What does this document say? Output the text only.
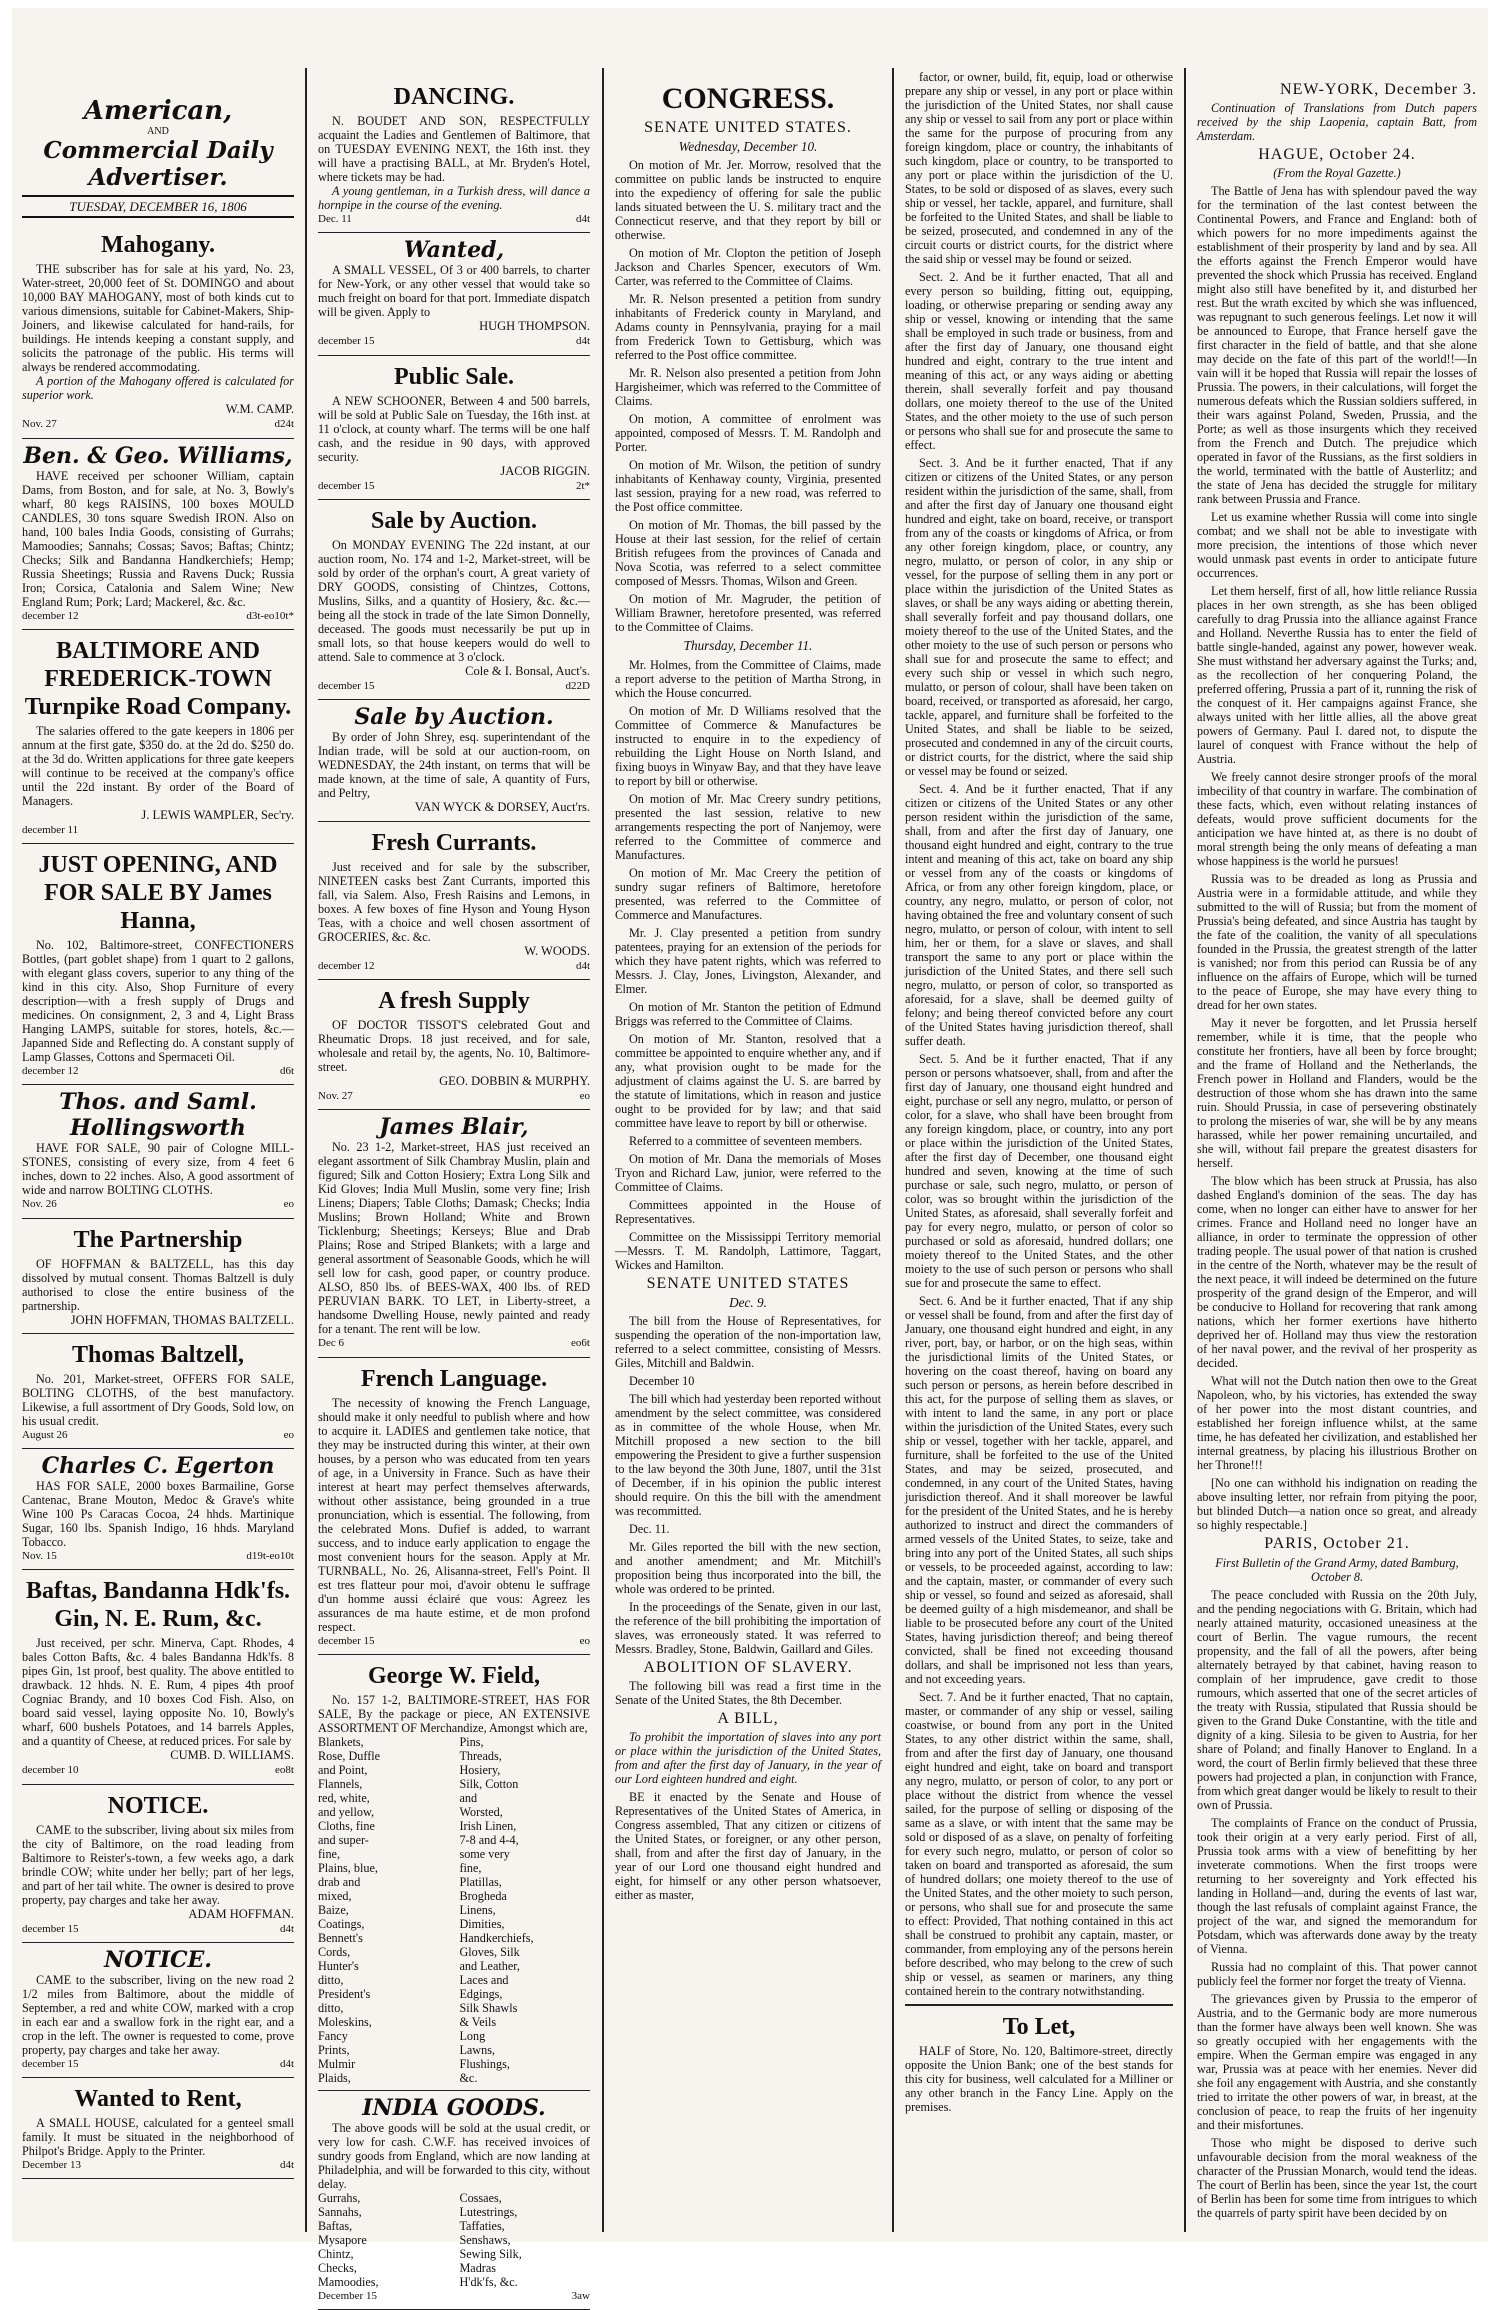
American,
AND
Commercial Daily Advertiser.
TUESDAY, DECEMBER 16, 1806
Mahogany.
THE subscriber has for sale at his yard, No. 23, Water-street, 20,000 feet of St. DOMINGO and about 10,000 BAY MAHOGANY, most of both kinds cut to various dimensions, suitable for Cabinet-Makers, Ship-Joiners, and likewise calculated for hand-rails, for buildings. He intends keeping a constant supply, and solicits the patronage of the public. His terms will always be rendered accommodating.
A portion of the Mahogany offered is calculated for superior work.
W.M. CAMP.
Nov. 27	d24t
Ben. & Geo. Williams,
HAVE received per schooner William, captain Dams, from Boston, and for sale, at No. 3, Bowly's wharf, 80 kegs RAISINS, 100 boxes MOULD CANDLES, 30 tons square Swedish IRON. Also on hand, 100 bales India Goods, consisting of Gurrahs; Mamoodies; Sannahs; Cossas; Savos; Baftas; Chintz; Checks; Silk and Bandanna Handkerchiefs; Hemp; Russia Sheetings; Russia and Ravens Duck; Russia Iron; Corsica, Catalonia and Salem Wine; New England Rum; Pork; Lard; Mackerel, &c. &c.
december 12	d3t-eo10t*
BALTIMORE AND FREDERICK-TOWN Turnpike Road Company.
The salaries offered to the gate keepers in 1806 per annum at the first gate, $350 do. at the 2d do. $250 do. at the 3d do. Written applications for three gate keepers will continue to be received at the company's office until the 22d instant. By order of the Board of Managers.
J. LEWIS WAMPLER, Sec'ry.
december 11
JUST OPENING, AND FOR SALE BY James Hanna,
No. 102, Baltimore-street, CONFECTIONERS Bottles, (part goblet shape) from 1 quart to 2 gallons, with elegant glass covers, superior to any thing of the kind in this city. Also, Shop Furniture of every description—with a fresh supply of Drugs and medicines. On consignment, 2, 3 and 4, Light Brass Hanging LAMPS, suitable for stores, hotels, &c.—Japanned Side and Reflecting do. A constant supply of Lamp Glasses, Cottons and Spermaceti Oil.
december 12	d6t
Thos. and Saml. Hollingsworth
HAVE FOR SALE, 90 pair of Cologne MILL-STONES, consisting of every size, from 4 feet 6 inches, down to 22 inches. Also, A good assortment of wide and narrow BOLTING CLOTHS.
Nov. 26	eo
The Partnership
OF HOFFMAN & BALTZELL, has this day dissolved by mutual consent. Thomas Baltzell is duly authorised to close the entire business of the partnership.
JOHN HOFFMAN, THOMAS BALTZELL.
Thomas Baltzell,
No. 201, Market-street, OFFERS FOR SALE, BOLTING CLOTHS, of the best manufactory. Likewise, a full assortment of Dry Goods, Sold low, on his usual credit.
August 26	eo
Charles C. Egerton
HAS FOR SALE, 2000 boxes Barmailine, Gorse Cantenac, Brane Mouton, Medoc & Grave's white Wine 100 Ps Caracas Cocoa, 24 hhds. Martinique Sugar, 160 lbs. Spanish Indigo, 16 hhds. Maryland Tobacco.
Nov. 15	d19t-eo10t
Baftas, Bandanna Hdk'fs. Gin, N. E. Rum, &c.
Just received, per schr. Minerva, Capt. Rhodes, 4 bales Cotton Bafts, &c. 4 bales Bandanna Hdk'fs. 8 pipes Gin, 1st proof, best quality. The above entitled to drawback. 12 hhds. N. E. Rum, 4 pipes 4th proof Cogniac Brandy, and 10 boxes Cod Fish. Also, on board said vessel, laying opposite No. 10, Bowly's wharf, 600 bushels Potatoes, and 14 barrels Apples, and a quantity of Cheese, at reduced prices. For sale by
CUMB. D. WILLIAMS.
december 10	eo8t
NOTICE.
CAME to the subscriber, living about six miles from the city of Baltimore, on the road leading from Baltimore to Reister's-town, a few weeks ago, a dark brindle COW; white under her belly; part of her legs, and part of her tail white. The owner is desired to prove property, pay charges and take her away.
ADAM HOFFMAN.
december 15	d4t
NOTICE.
CAME to the subscriber, living on the new road 2 1/2 miles from Baltimore, about the middle of September, a red and white COW, marked with a crop in each ear and a swallow fork in the right ear, and a crop in the left. The owner is requested to come, prove property, pay charges and take her away.
december 15	d4t
Wanted to Rent,
A SMALL HOUSE, calculated for a genteel small family. It must be situated in the neighborhood of Philpot's Bridge. Apply to the Printer.
December 13	d4t
DANCING.
N. BOUDET AND SON, RESPECTFULLY acquaint the Ladies and Gentlemen of Baltimore, that on TUESDAY EVENING NEXT, the 16th inst. they will have a practising BALL, at Mr. Bryden's Hotel, where tickets may be had.
A young gentleman, in a Turkish dress, will dance a hornpipe in the course of the evening.
Dec. 11	d4t
Wanted,
A SMALL VESSEL, Of 3 or 400 barrels, to charter for New-York, or any other vessel that would take so much freight on board for that port. Immediate dispatch will be given. Apply to
HUGH THOMPSON.
december 15	d4t
Public Sale.
A NEW SCHOONER, Between 4 and 500 barrels, will be sold at Public Sale on Tuesday, the 16th inst. at 11 o'clock, at county wharf. The terms will be one half cash, and the residue in 90 days, with approved security.
JACOB RIGGIN.
december 15	2t*
Sale by Auction.
On MONDAY EVENING The 22d instant, at our auction room, No. 174 and 1-2, Market-street, will be sold by order of the orphan's court, A great variety of DRY GOODS, consisting of Chintzes, Cottons, Muslins, Silks, and a quantity of Hosiery, &c. &c.—being all the stock in trade of the late Simon Donnelly, deceased. The goods must necessarily be put up in small lots, so that house keepers would do well to attend. Sale to commence at 3 o'clock.
Cole & I. Bonsal, Auct's.
december 15	d22D
Sale by Auction.
By order of John Shrey, esq. superintendant of the Indian trade, will be sold at our auction-room, on WEDNESDAY, the 24th instant, on terms that will be made known, at the time of sale, A quantity of Furs, and Peltry,
VAN WYCK & DORSEY, Auct'rs.
Fresh Currants.
Just received and for sale by the subscriber, NINETEEN casks best Zant Currants, imported this fall, via Salem. Also, Fresh Raisins and Lemons, in boxes. A few boxes of fine Hyson and Young Hyson Teas, with a choice and well chosen assortment of GROCERIES, &c. &c.
W. WOODS.
december 12	d4t
A fresh Supply
OF DOCTOR TISSOT'S celebrated Gout and Rheumatic Drops. 18 just received, and for sale, wholesale and retail by, the agents, No. 10, Baltimore-street.
GEO. DOBBIN & MURPHY.
Nov. 27	eo
James Blair,
No. 23 1-2, Market-street, HAS just received an elegant assortment of Silk Chambray Muslin, plain and figured; Silk and Cotton Hosiery; Extra Long Silk and Kid Gloves; India Mull Muslin, some very fine; Irish Linens; Diapers; Table Cloths; Damask; Checks; India Muslins; Brown Holland; White and Brown Ticklenburg; Sheetings; Kerseys; Blue and Drab Plains; Rose and Striped Blankets; with a large and general assortment of Seasonable Goods, which he will sell low for cash, good paper, or country produce. ALSO, 850 lbs. of BEES-WAX, 400 lbs. of RED PERUVIAN BARK. TO LET, in Liberty-street, a handsome Dwelling House, newly painted and ready for a tenant. The rent will be low.
Dec 6	eo6t
French Language.
The necessity of knowing the French Language, should make it only needful to publish where and how to acquire it. LADIES and gentlemen take notice, that they may be instructed during this winter, at their own houses, by a person who was educated from ten years of age, in a University in France. Such as have their interest at heart may perfect themselves afterwards, without other assistance, being grounded in a true pronunciation, which is essential. The following, from the celebrated Mons. Dufief is added, to warrant success, and to induce early application to engage the most convenient hours for the season. Apply at Mr. TURNBALL, No. 26, Alisanna-street, Fell's Point. Il est tres flatteur pour moi, d'avoir obtenu le suffrage d'un homme aussi éclairé que vous: Agreez les assurances de ma haute estime, et de mon profond respect.
december 15	eo
George W. Field,
No. 157 1-2, BALTIMORE-STREET, HAS FOR SALE, By the package or piece, AN EXTENSIVE ASSORTMENT OF Merchandize, Amongst which are,
Blankets, Rose, Duffle and Point,
Flannels, red, white, and yellow,
Cloths, fine and super-fine,
Plains, blue, drab and mixed,
Baize,
Coatings,
Bennett's Cords,
Hunter's ditto,
President's ditto,
Moleskins,
Fancy Prints,
Mulmir Plaids,
Pins,
Threads,
Hosiery, Silk, Cotton and Worsted,
Irish Linen, 7-8 and 4-4, some very fine,
Platillas,
Brogheda Linens,
Dimities,
Handkerchiefs,
Gloves, Silk and Leather,
Laces and Edgings,
Silk Shawls & Veils
Long Lawns,
Flushings, &c.
INDIA GOODS.
The above goods will be sold at the usual credit, or very low for cash. C.W.F. has received invoices of sundry goods from England, which are now landing at Philadelphia, and will be forwarded to this city, without delay.
Gurrahs,
Sannahs,
Baftas,
Mysapore Chintz,
Checks,
Mamoodies,
Cossaes,
Lutestrings,
Taffaties,
Senshaws,
Sewing Silk,
Madras H'dk'fs, &c.
December 15	3aw
CONGRESS.
SENATE UNITED STATES.
Wednesday, December 10.

On motion of Mr. Jer. Morrow, resolved that the committee on public lands be instructed to enquire into the expediency of offering for sale the public lands situated between the U. S. military tract and the Connecticut reserve, and that they report by bill or otherwise.

On motion of Mr. Clopton the petition of Joseph Jackson and Charles Spencer, executors of Wm. Carter, was referred to the Committee of Claims.

Mr. R. Nelson presented a petition from sundry inhabitants of Frederick county in Maryland, and Adams county in Pennsylvania, praying for a mail from Frederick Town to Gettisburg, which was referred to the Post office committee.

Mr. R. Nelson also presented a petition from John Hargisheimer, which was referred to the Committee of Claims.

On motion, A committee of enrolment was appointed, composed of Messrs. T. M. Randolph and Porter.

On motion of Mr. Wilson, the petition of sundry inhabitants of Kenhaway county, Virginia, presented last session, praying for a new road, was referred to the Post office committee.

On motion of Mr. Thomas, the bill passed by the House at their last session, for the relief of certain British refugees from the provinces of Canada and Nova Scotia, was referred to a select committee composed of Messrs. Thomas, Wilson and Green.

On motion of Mr. Magruder, the petition of William Brawner, heretofore presented, was referred to the Committee of Claims.

Thursday, December 11.

Mr. Holmes, from the Committee of Claims, made a report adverse to the petition of Martha Strong, in which the House concurred.

On motion of Mr. D Williams resolved that the Committee of Commerce & Manufactures be instructed to enquire in to the expediency of rebuilding the Light House on North Island, and fixing buoys in Winyaw Bay, and that they have leave to report by bill or otherwise.

On motion of Mr. Mac Creery sundry petitions, presented the last session, relative to new arrangements respecting the port of Nanjemoy, were referred to the Committee of commerce and Manufactures.

On motion of Mr. Mac Creery the petition of sundry sugar refiners of Baltimore, heretofore presented, was referred to the Committee of Commerce and Manufactures.

Mr. J. Clay presented a petition from sundry patentees, praying for an extension of the periods for which they have patent rights, which was referred to Messrs. J. Clay, Jones, Livingston, Alexander, and Elmer.

On motion of Mr. Stanton the petition of Edmund Briggs was referred to the Committee of Claims.

On motion of Mr. Stanton, resolved that a committee be appointed to enquire whether any, and if any, what provision ought to be made for the adjustment of claims against the U. S. are barred by the statute of limitations, which in reason and justice ought to be provided for by law; and that said committee have leave to report by bill or otherwise.

Referred to a committee of seventeen members.

On motion of Mr. Dana the memorials of Moses Tryon and Richard Law, junior, were referred to the Committee of Claims.

Committees appointed in the House of Representatives.

Committee on the Mississippi Territory memorial—Messrs. T. M. Randolph, Lattimore, Taggart, Wickes and Hamilton.

SENATE UNITED STATES
Dec. 9.

The bill from the House of Representatives, for suspending the operation of the non-importation law, referred to a select committee, consisting of Messrs. Giles, Mitchill and Baldwin.

December 10

The bill which had yesterday been reported without amendment by the select committee, was considered as in committee of the whole House, when Mr. Mitchill proposed a new section to the bill empowering the President to give a further suspension to the law beyond the 30th June, 1807, until the 31st of December, if in his opinion the public interest should require. On this the bill with the amendment was recommitted.

Dec. 11.

Mr. Giles reported the bill with the new section, and another amendment; and Mr. Mitchill's proposition being thus incorporated into the bill, the whole was ordered to be printed.

In the proceedings of the Senate, given in our last, the reference of the bill prohibiting the importation of slaves, was erroneously stated. It was referred to Messrs. Bradley, Stone, Baldwin, Gaillard and Giles.

ABOLITION OF SLAVERY.

The following bill was read a first time in the Senate of the United States, the 8th December.

A BILL,

To prohibit the importation of slaves into any port or place within the jurisdiction of the United States, from and after the first day of January, in the year of our Lord eighteen hundred and eight.

BE it enacted by the Senate and House of Representatives of the United States of America, in Congress assembled, That any citizen or citizens of the United States, or foreigner, or any other person, shall, from and after the first day of January, in the year of our Lord one thousand eight hundred and eight, for himself or any other person whatsoever, either as master,

factor, or owner, build, fit, equip, load or otherwise prepare any ship or vessel, in any port or place within the jurisdiction of the United States, nor shall cause any ship or vessel to sail from any port or place within the same for the purpose of procuring from any foreign kingdom, place or country, the inhabitants of such kingdom, place or country, to be transported to any port or place within the jurisdiction of the U. States, to be sold or disposed of as slaves, every such ship or vessel, her tackle, apparel, and furniture, shall be forfeited to the United States, and shall be liable to be seized, prosecuted, and condemned in any of the circuit courts or district courts, for the district where the said ship or vessel may be found or seized.

Sect. 2. And be it further enacted, That all and every person so building, fitting out, equipping, loading, or otherwise preparing or sending away any ship or vessel, knowing or intending that the same shall be employed in such trade or business, from and after the first day of January, one thousand eight hundred and eight, contrary to the true intent and meaning of this act, or any ways aiding or abetting therein, shall severally forfeit and pay thousand dollars, one moiety thereof to the use of the United States, and the other moiety to the use of such person or persons who shall sue for and prosecute the same to effect.

Sect. 3. And be it further enacted, That if any citizen or citizens of the United States, or any person resident within the jurisdiction of the same, shall, from and after the first day of January one thousand eight hundred and eight, take on board, receive, or transport from any of the coasts or kingdoms of Africa, or from any other foreign kingdom, place, or country, any negro, mulatto, or person of color, in any ship or vessel, for the purpose of selling them in any port or place within the jurisdiction of the United States as slaves, or shall be any ways aiding or abetting therein, shall severally forfeit and pay thousand dollars, one moiety thereof to the use of the United States, and the other moiety to the use of such person or persons who shall sue for and prosecute the same to effect; and every such ship or vessel in which such negro, mulatto, or person of colour, shall have been taken on board, received, or transported as aforesaid, her cargo, tackle, apparel, and furniture shall be forfeited to the United States, and shall be liable to be seized, prosecuted and condemned in any of the circuit courts, or district courts, for the district, where the said ship or vessel may be found or seized.

Sect. 4. And be it further enacted, That if any citizen or citizens of the United States or any other person resident within the jurisdiction of the same, shall, from and after the first day of January, one thousand eight hundred and eight, contrary to the true intent and meaning of this act, take on board any ship or vessel from any of the coasts or kingdoms of Africa, or from any other foreign kingdom, place, or country, any negro, mulatto, or person of color, not having obtained the free and voluntary consent of such negro, mulatto, or person of colour, with intent to sell him, her or them, for a slave or slaves, and shall transport the same to any port or place within the jurisdiction of the United States, and there sell such negro, mulatto, or person of color, so transported as aforesaid, for a slave, shall be deemed guilty of felony; and being thereof convicted before any court of the United States having jurisdiction thereof, shall suffer death.

Sect. 5. And be it further enacted, That if any person or persons whatsoever, shall, from and after the first day of January, one thousand eight hundred and eight, purchase or sell any negro, mulatto, or person of color, for a slave, who shall have been brought from any foreign kingdom, place, or country, into any port or place within the jurisdiction of the United States, after the first day of December, one thousand eight hundred and seven, knowing at the time of such purchase or sale, such negro, mulatto, or person of color, was so brought within the jurisdiction of the United States, as aforesaid, shall severally forfeit and pay for every negro, mulatto, or person of color so purchased or sold as aforesaid, hundred dollars; one moiety thereof to the United States, and the other moiety to the use of such person or persons who shall sue for and prosecute the same to effect.

Sect. 6. And be it further enacted, That if any ship or vessel shall be found, from and after the first day of January, one thousand eight hundred and eight, in any river, port, bay, or harbor, or on the high seas, within the jurisdictional limits of the United States, or hovering on the coast thereof, having on board any such person or persons, as herein before described in this act, for the purpose of selling them as slaves, or with intent to land the same, in any port or place within the jurisdiction of the United States, every such ship or vessel, together with her tackle, apparel, and furniture, shall be forfeited to the use of the United States, and may be seized, prosecuted, and condemned, in any court of the United States, having jurisdiction thereof. And it shall moreover be lawful for the president of the United States, and he is hereby authorized to instruct and direct the commanders of armed vessels of the United States, to seize, take and bring into any port of the United States, all such ships or vessels, to be proceeded against, according to law: and the captain, master, or commander of every such ship or vessel, so found and seized as aforesaid, shall be deemed guilty of a high misdemeanor, and shall be liable to be prosecuted before any court of the United States, having jurisdiction thereof; and being thereof convicted, shall be fined not exceeding thousand dollars, and shall be imprisoned not less than years, and not exceeding years.

Sect. 7. And be it further enacted, That no captain, master, or commander of any ship or vessel, sailing coastwise, or bound from any port in the United States, to any other district within the same, shall, from and after the first day of January, one thousand eight hundred and eight, take on board and transport any negro, mulatto, or person of color, to any port or place without the district from whence the vessel sailed, for the purpose of selling or disposing of the same as a slave, or with intent that the same may be sold or disposed of as a slave, on penalty of forfeiting for every such negro, mulatto, or person of color so taken on board and transported as aforesaid, the sum of hundred dollars; one moiety thereof to the use of the United States, and the other moiety to such person, or persons, who shall sue for and prosecute the same to effect: Provided, That nothing contained in this act shall be construed to prohibit any captain, master, or commander, from employing any of the persons herein before described, who may belong to the crew of such ship or vessel, as seamen or mariners, any thing contained herein to the contrary notwithstanding.

To Let,

HALF of Store, No. 120, Baltimore-street, directly opposite the Union Bank; one of the best stands for this city for business, well calculated for a Milliner or any other branch in the Fancy Line. Apply on the premises.

NEW-YORK, December 3.

Continuation of Translations from Dutch papers received by the ship Laopenia, captain Batt, from Amsterdam.

HAGUE, October 24.
(From the Royal Gazette.)

The Battle of Jena has with splendour paved the way for the termination of the last contest between the Continental Powers, and France and England: both of which powers for no more impediments against the establishment of their prosperity by land and by sea. All the efforts against the French Emperor would have prevented the shock which Prussia has received. England might also still have benefited by it, and disturbed her rest. But the wrath excited by which she was influenced, was repugnant to such generous feelings. Let now it will be announced to Europe, that France herself gave the first character in the field of battle, and that she alone may decide on the fate of this part of the world!!—In vain will it be hoped that Russia will repair the losses of Prussia. The powers, in their calculations, will forget the numerous defeats which the Russian soldiers suffered, in their wars against Poland, Sweden, Prussia, and the Porte; as well as those insurgents which they received from the French and Dutch. The prejudice which operated in favor of the Russians, as the first soldiers in the world, terminated with the battle of Austerlitz; and the state of Jena has decided the struggle for military rank between Prussia and France.

Let us examine whether Russia will come into single combat; and we shall not be able to investigate with more precision, the intentions of those which never would unmask past events in order to anticipate future occurrences.

Let them herself, first of all, how little reliance Russia places in her own strength, as she has been obliged carefully to drag Prussia into the alliance against France and Holland. Neverthe Russia has to enter the field of battle single-handed, against any power, however weak. She must withstand her adversary against the Turks; and, as the recollection of her conquering Poland, the preferred offering, Prussia a part of it, running the risk of the conquest of it. Her campaigns against France, she always united with her little allies, all the above great powers of Germany. Paul I. dared not, to dispute the laurel of conquest with France without the help of Austria.

We freely cannot desire stronger proofs of the moral imbecility of that country in warfare. The combination of these facts, which, even without relating instances of defeats, would prove sufficient documents for the anticipation we have hinted at, as there is no doubt of moral strength being the only means of defeating a man whose happiness is the world he pursues!

Russia was to be dreaded as long as Prussia and Austria were in a formidable attitude, and while they submitted to the will of Russia; but from the moment of Prussia's being defeated, and since Austria has taught by the fate of the coalition, the vanity of all speculations founded in the Prussia, the greatest strength of the latter is vanished; nor from this period can Russia be of any influence on the affairs of Europe, which will be turned to the peace of Europe, she may have every thing to dread for her own states.

May it never be forgotten, and let Prussia herself remember, while it is time, that the people who constitute her frontiers, have all been by force brought; and the frame of Holland and the Netherlands, the French power in Holland and Flanders, would be the destruction of those whom she has drawn into the same ruin. Should Prussia, in case of persevering obstinately to prolong the miseries of war, she will be by any means harassed, while her power remaining uncurtailed, and she will, without fail prepare the greatest disasters for herself.

The blow which has been struck at Prussia, has also dashed England's dominion of the seas. The day has come, when no longer can either have to answer for her crimes. France and Holland need no longer have an alliance, in order to terminate the oppression of other trading people. The usual power of that nation is crushed in the centre of the North, whatever may be the result of the next peace, it will indeed be determined on the future prosperity of the grand design of the Emperor, and will be conducive to Holland for recovering that rank among nations, which her former exertions have hitherto deprived her of. Holland may thus view the restoration of her naval power, and the revival of her prosperity as decided.

What will not the Dutch nation then owe to the Great Napoleon, who, by his victories, has extended the sway of her power into the most distant countries, and established her foreign influence whilst, at the same time, he has defeated her civilization, and established her internal greatness, by placing his illustrious Brother on her Throne!!!

[No one can withhold his indignation on reading the above insulting letter, nor refrain from pitying the poor, but blinded Dutch—a nation once so great, and already so highly respectable.]

PARIS, October 21.
First Bulletin of the Grand Army, dated Bamburg, October 8.

The peace concluded with Russia on the 20th July, and the pending negociations with G. Britain, which had nearly attained maturity, occasioned uneasiness at the court of Berlin. The vague rumours, the recent propensity, and the fall of all the powers, after being alternately betrayed by that cabinet, having reason to complain of her imprudence, gave credit to those rumours, which asserted that one of the secret articles of the treaty with Russia, stipulated that Russia should be given to the Grand Duke Constantine, with the title and dignity of a king. Silesia to be given to Austria, for her share of Poland; and finally Hanover to England. In a word, the court of Berlin firmly believed that these three powers had projected a plan, in conjunction with France, from which great danger would be likely to result to their own of Prussia.

The complaints of France on the conduct of Prussia, took their origin at a very early period. First of all, Prussia took arms with a view of benefitting by her inveterate commotions. When the first troops were returning to her sovereignty and York effected his landing in Holland—and, during the events of last war, though the last refusals of complaint against France, the project of the war, and signed the memorandum for Potsdam, which was afterwards done away by the treaty of Vienna.

Russia had no complaint of this. That power cannot publicly feel the former nor forget the treaty of Vienna.

The grievances given by Prussia to the emperor of Austria, and to the Germanic body are more numerous than the former have always been well known. She was so greatly occupied with her engagements with the empire. When the German empire was engaged in any war, Prussia was at peace with her enemies. Never did she foil any engagement with Austria, and she constantly tried to irritate the other powers of war, in breast, at the conclusion of peace, to reap the fruits of her ingenuity and their misfortunes.

Those who might be disposed to derive such unfavourable decision from the moral weakness of the character of the Prussian Monarch, would tend the ideas. The court of Berlin has been, since the year 1st, the court of Berlin has been for some time from intrigues to which the quarrels of party spirit have been decided by on
